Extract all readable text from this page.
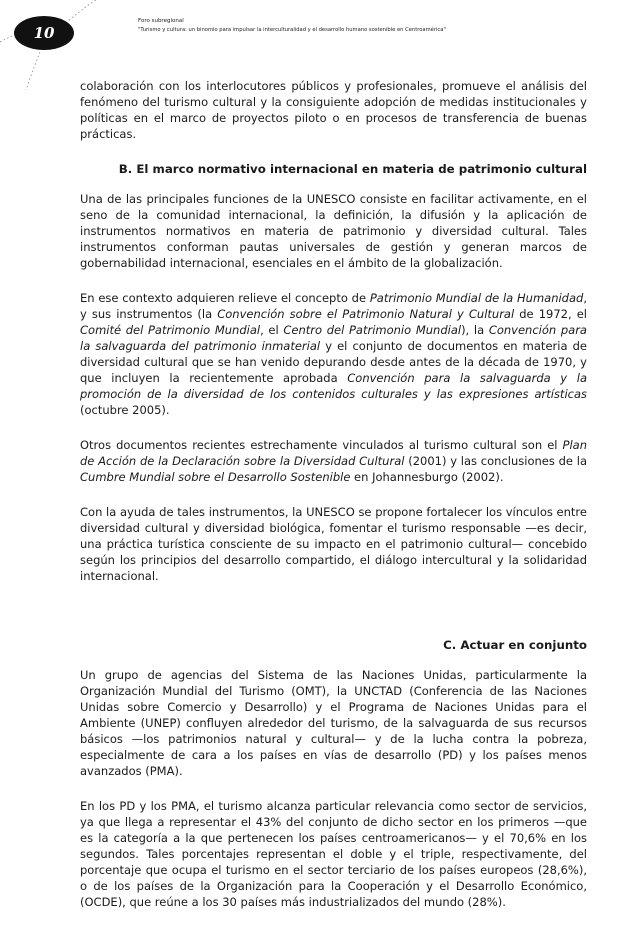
10
Foro subregional
"Turismo y cultura: un binomio para impulsar la interculturalidad y el desarrollo humano sostenible en Centroamérica"

colaboración con los interlocutores públicos y profesionales, promueve el análisis del fenómeno del turismo cultural y la consiguiente adopción de medidas institucionales y políticas en el marco de proyectos piloto o en procesos de transferencia de buenas prácticas.

B. El marco normativo internacional en materia de patrimonio cultural

Una de las principales funciones de la UNESCO consiste en facilitar activamente, en el seno de la comunidad internacional, la definición, la difusión y la aplicación de instrumentos normativos en materia de patrimonio y diversidad cultural. Tales instrumentos conforman pautas universales de gestión y generan marcos de gobernabilidad internacional, esenciales en el ámbito de la globalización.

En ese contexto adquieren relieve el concepto de Patrimonio Mundial de la Humanidad, y sus instrumentos (la Convención sobre el Patrimonio Natural y Cultural de 1972, el Comité del Patrimonio Mundial, el Centro del Patrimonio Mundial), la Convención para la salvaguarda del patrimonio inmaterial y el conjunto de documentos en materia de diversidad cultural que se han venido depurando desde antes de la década de 1970, y que incluyen la recientemente aprobada Convención para la salvaguarda y la promoción de la diversidad de los contenidos culturales y las expresiones artísticas (octubre 2005).

Otros documentos recientes estrechamente vinculados al turismo cultural son el Plan de Acción de la Declaración sobre la Diversidad Cultural (2001) y las conclusiones de la Cumbre Mundial sobre el Desarrollo Sostenible en Johannesburgo (2002).

Con la ayuda de tales instrumentos, la UNESCO se propone fortalecer los vínculos entre diversidad cultural y diversidad biológica, fomentar el turismo responsable —es decir, una práctica turística consciente de su impacto en el patrimonio cultural— concebido según los principios del desarrollo compartido, el diálogo intercultural y la solidaridad internacional.

C. Actuar en conjunto

Un grupo de agencias del Sistema de las Naciones Unidas, particularmente la Organización Mundial del Turismo (OMT), la UNCTAD (Conferencia de las Naciones Unidas sobre Comercio y Desarrollo) y el Programa de Naciones Unidas para el Ambiente (UNEP) confluyen alrededor del turismo, de la salvaguarda de sus recursos básicos —los patrimonios natural y cultural— y de la lucha contra la pobreza, especialmente de cara a los países en vías de desarrollo (PD) y los países menos avanzados (PMA).

En los PD y los PMA, el turismo alcanza particular relevancia como sector de servicios, ya que llega a representar el 43% del conjunto de dicho sector en los primeros —que es la categoría a la que pertenecen los países centroamericanos— y el 70,6% en los segundos. Tales porcentajes representan el doble y el triple, respectivamente, del porcentaje que ocupa el turismo en el sector terciario de los países europeos (28,6%), o de los países de la Organización para la Cooperación y el Desarrollo Económico, (OCDE), que reúne a los 30 países más industrializados del mundo (28%).
